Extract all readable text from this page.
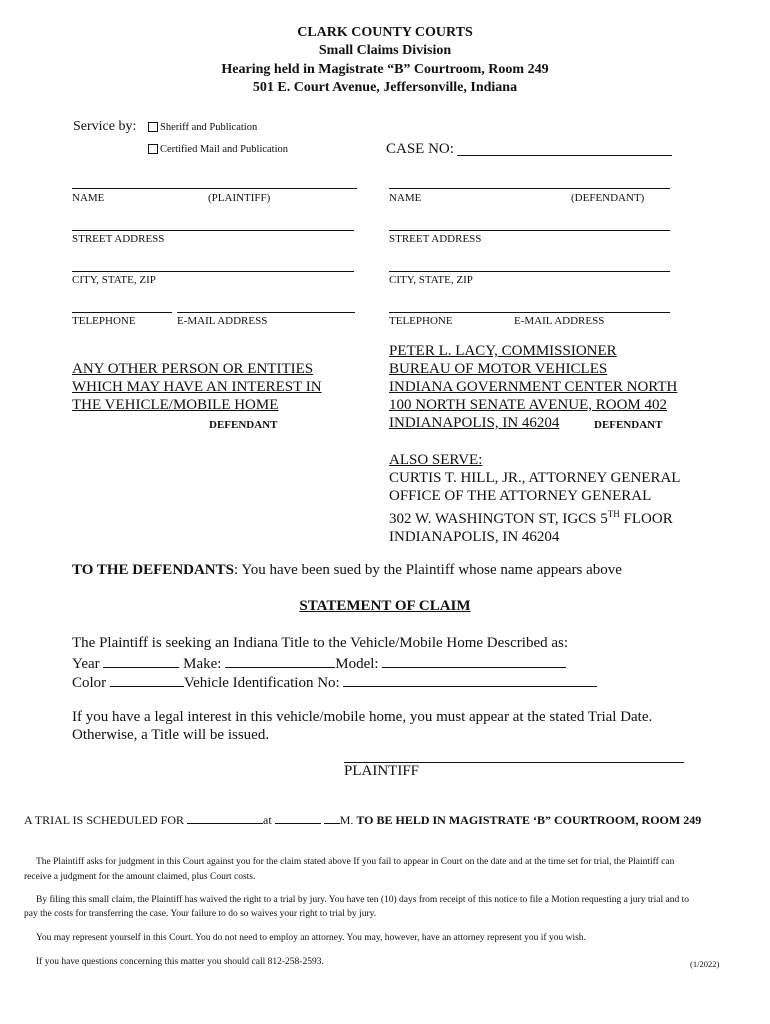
CLARK COUNTY COURTS
Small Claims Division
Hearing held in Magistrate “B” Courtroom, Room 249
501 E. Court Avenue, Jeffersonville, Indiana
Service by:	Sheriff and Publication
Certified Mail and Publication	CASE NO:
NAME	(PLAINTIFF)
STREET ADDRESS
CITY, STATE, ZIP
TELEPHONE	E-MAIL ADDRESS
NAME	(DEFENDANT)
STREET ADDRESS
CITY, STATE, ZIP
TELEPHONE	E-MAIL ADDRESS
ANY OTHER PERSON OR ENTITIES
WHICH MAY HAVE AN INTEREST IN
THE VEHICLE/MOBILE HOME
DEFENDANT
PETER L. LACY, COMMISSIONER
BUREAU OF MOTOR VEHICLES
INDIANA GOVERNMENT CENTER NORTH
100 NORTH SENATE AVENUE, ROOM 402
INDIANAPOLIS, IN 46204	DEFENDANT
ALSO SERVE:
CURTIS T. HILL, JR., ATTORNEY GENERAL
OFFICE OF THE ATTORNEY GENERAL
302 W. WASHINGTON ST, IGCS 5TH FLOOR
INDIANAPOLIS, IN 46204
TO THE DEFENDANTS: You have been sued by the Plaintiff whose name appears above
STATEMENT OF CLAIM
The Plaintiff is seeking an Indiana Title to the Vehicle/Mobile Home Described as:
Year	Make:	Model:
Color	Vehicle Identification No:
If you have a legal interest in this vehicle/mobile home, you must appear at the stated Trial Date.
Otherwise, a Title will be issued.
PLAINTIFF
A TRIAL IS SCHEDULED FOR	at	M. TO BE HELD IN MAGISTRATE ‘B” COURTROOM, ROOM 249
The Plaintiff asks for judgment in this Court against you for the claim stated above If you fail to appear in Court on the date and at the time set for trial, the Plaintiff can
receive a judgment for the amount claimed, plus Court costs.
By filing this small claim, the Plaintiff has waived the right to a trial by jury. You have ten (10) days from receipt of this notice to file a Motion requesting a jury trial and to
pay the costs for transferring the case. Your failure to do so waives your right to trial by jury.
You may represent yourself in this Court. You do not need to employ an attorney. You may, however, have an attorney represent you if you wish.
If you have questions concerning this matter you should call 812-258-2593.	(1/2022)
